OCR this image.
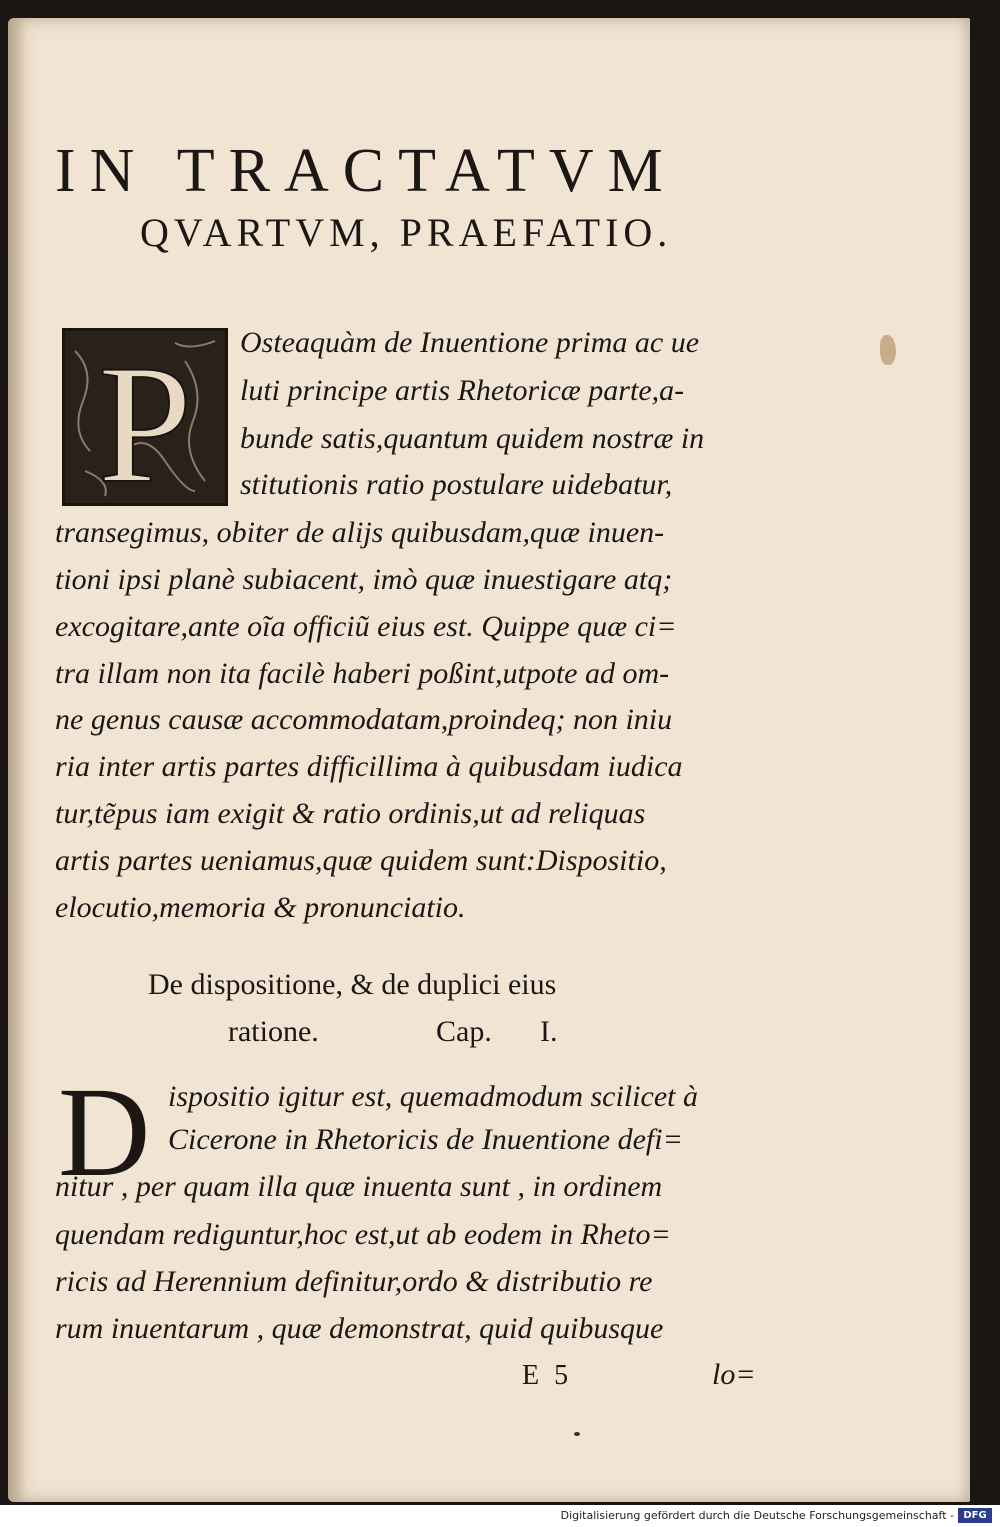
IN TRACTATVM
QVARTVM, PRAEFATIO.
P Osteaquàm de Inuentione prima ac ue
luti principe artis Rhetoricæ parte,a-
bunde satis,quantum quidem nostræ in
stitutionis ratio postulare uidebatur,
transegimus, obiter de alijs quibusdam,quæ inuen-
tioni ipsi planè subiacent, imò quæ inuestigare atq;
excogitare,ante oĩa officiũ eius est. Quippe quæ ci=
tra illam non ita facilè haberi poßint,utpote ad om-
ne genus causæ accommodatam,proindeq; non iniu
ria inter artis partes difficillima à quibusdam iudica
tur,tẽpus iam exigit & ratio ordinis,ut ad reliquas
artis partes ueniamus,quæ quidem sunt:Dispositio,
elocutio,memoria & pronunciatio.
De dispositione, & de duplici eius
ratione.	Cap. I.
D ispositio igitur est, quemadmodum scilicet à
Cicerone in Rhetoricis de Inuentione defi=
nitur , per quam illa quæ inuenta sunt , in ordinem
quendam rediguntur,hoc est,ut ab eodem in Rheto=
ricis ad Herennium definitur,ordo & distributio re
rum inuentarum , quæ demonstrat, quid quibusque
E 5	lo=
Digitalisierung gefördert durch die Deutsche Forschungsgemeinschaft - DFG
